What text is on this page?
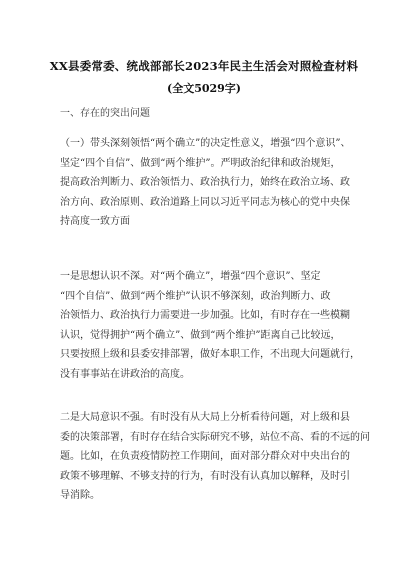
XX县委常委、统战部部长2023年民主生活会对照检查材料
(全文5029字)
一、存在的突出问题
（一）带头深刻领悟“两个确立”的决定性意义，增强“四个意识”、
坚定“四个自信”、做到“两个维护”。严明政治纪律和政治规矩，
提高政治判断力、政治领悟力、政治执行力，始终在政治立场、政
治方向、政治原则、政治道路上同以习近平同志为核心的党中央保
持高度一致方面
一是思想认识不深。对“两个确立”，增强“四个意识”、坚定
“四个自信”、做到“两个维护”认识不够深刻，政治判断力、政
治领悟力、政治执行力需要进一步加强。比如，有时存在一些模糊
认识，觉得拥护“两个确立”、做到“两个维护”距离自己比较远，
只要按照上级和县委安排部署，做好本职工作，不出现大问题就行，
没有事事站在讲政治的高度。
二是大局意识不强。有时没有从大局上分析看待问题，对上级和县
委的决策部署，有时存在结合实际研究不够，站位不高、看的不远的问
题。比如，在负责疫情防控工作期间，面对部分群众对中央出台的
政策不够理解、不够支持的行为，有时没有认真加以解释，及时引
导消除。
